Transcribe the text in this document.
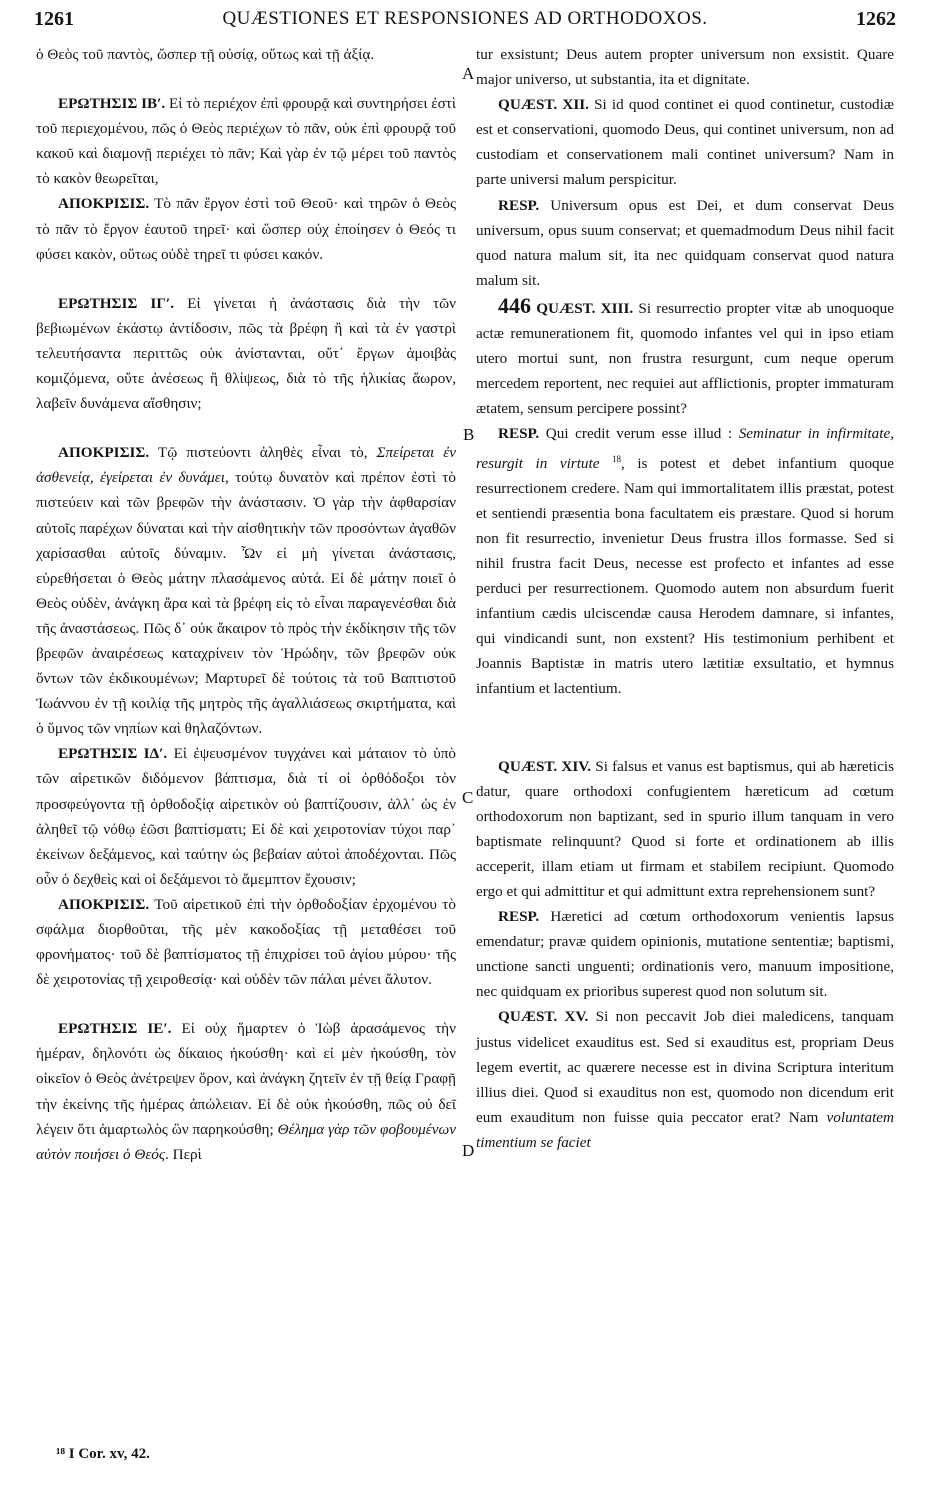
1261	QUÆSTIONES ET RESPONSIONES AD ORTHODOXOS.	1262
A
B
C
D

ὁ Θεὸς τοῦ παντὸς, ὥσπερ τῇ οὐσίᾳ, οὕτως καὶ τῇ ἀξίᾳ.

ΕΡΩΤΗΣΙΣ ΙΒʹ. Εἰ τὸ περιέχον ἐπὶ φρουρᾷ καὶ συντηρήσει ἐστὶ τοῦ περιεχομένου, πῶς ὁ Θεὸς περιέχων τὸ πᾶν, οὐκ ἐπὶ φρουρᾷ τοῦ κακοῦ καὶ διαμονῇ περιέχει τὸ πᾶν; Καὶ γὰρ ἐν τῷ μέρει τοῦ παντὸς τὸ κακὸν θεωρεῖται,

ΑΠΟΚΡΙΣΙΣ. Τὸ πᾶν ἔργον ἐστὶ τοῦ Θεοῦ· καὶ τηρῶν ὁ Θεὸς τὸ πᾶν τὸ ἔργον ἑαυτοῦ τηρεῖ· καὶ ὥσπερ οὐχ ἐποίησεν ὁ Θεός τι φύσει κακὸν, οὕτως οὐδὲ τηρεῖ τι φύσει κακόν.

ΕΡΩΤΗΣΙΣ ΙΓʹ. Εἰ γίνεται ἡ ἀνάστασις διὰ τὴν τῶν βεβιωμένων ἑκάστῳ ἀντίδοσιν, πῶς τὰ βρέφη ἢ καὶ τὰ ἐν γαστρὶ τελευτήσαντα περιττῶς οὐκ ἀνίστανται, οὔτ᾽ ἔργων ἀμοιβὰς κομιζόμενα, οὔτε ἀνέσεως ἢ θλίψεως, διὰ τὸ τῆς ἡλικίας ἄωρον, λαβεῖν δυνάμενα αἴσθησιν;

ΑΠΟΚΡΙΣΙΣ. Τῷ πιστεύοντι ἀληθὲς εἶναι τὸ, Σπείρεται ἐν ἀσθενείᾳ, ἐγείρεται ἐν δυνάμει, τούτῳ δυνατὸν καὶ πρέπον ἐστὶ τὸ πιστεύειν καὶ τῶν βρεφῶν τὴν ἀνάστασιν. Ὁ γὰρ τὴν ἀφθαρσίαν αὐτοῖς παρέχων δύναται καὶ τὴν αἰσθητικὴν τῶν προσόντων ἀγαθῶν χαρίσασθαι αὐτοῖς δύναμιν. Ὧν εἰ μὴ γίνεται ἀνάστασις, εὑρεθήσεται ὁ Θεὸς μάτην πλασάμενος αὐτά. Εἰ δὲ μάτην ποιεῖ ὁ Θεὸς οὐδὲν, ἀνάγκη ἄρα καὶ τὰ βρέφη εἰς τὸ εἶναι παραγενέσθαι διὰ τῆς ἀναστάσεως. Πῶς δ᾽ οὐκ ἄκαιρον τὸ πρὸς τὴν ἐκδίκησιν τῆς τῶν βρεφῶν ἀναιρέσεως καταχρίνειν τὸν Ἡρώδην, τῶν βρεφῶν οὐκ ὄντων τῶν ἐκδικουμένων; Μαρτυρεῖ δὲ τούτοις τὰ τοῦ Βαπτιστοῦ Ἰωάννου ἐν τῇ κοιλίᾳ τῆς μητρὸς τῆς ἀγαλλιάσεως σκιρτήματα, καὶ ὁ ὕμνος τῶν νηπίων καὶ θηλαζόντων.

ΕΡΩΤΗΣΙΣ ΙΔʹ. Εἰ ἐψευσμένον τυγχάνει καὶ μάταιον τὸ ὑπὸ τῶν αἱρετικῶν διδόμενον βάπτισμα, διὰ τί οἱ ὀρθόδοξοι τὸν προσφεύγοντα τῇ ὀρθοδοξίᾳ αἱρετικὸν οὐ βαπτίζουσιν, ἀλλ᾽ ὡς ἐν ἀληθεῖ τῷ νόθῳ ἐῶσι βαπτίσματι; Εἰ δὲ καὶ χειροτονίαν τύχοι παρ᾽ ἐκείνων δεξάμενος, καὶ ταύτην ὡς βεβαίαν αὐτοὶ ἀποδέχονται. Πῶς οὖν ὁ δεχθεὶς καὶ οἱ δεξάμενοι τὸ ἄμεμπτον ἔχουσιν;

ΑΠΟΚΡΙΣΙΣ. Τοῦ αἱρετικοῦ ἐπὶ τὴν ὀρθοδοξίαν ἐρχομένου τὸ σφάλμα διορθοῦται, τῆς μὲν κακοδοξίας τῇ μεταθέσει τοῦ φρονήματος· τοῦ δὲ βαπτίσματος τῇ ἐπιχρίσει τοῦ ἁγίου μύρου· τῆς δὲ χειροτονίας τῇ χειροθεσίᾳ· καὶ οὐδὲν τῶν πάλαι μένει ἄλυτον.

ΕΡΩΤΗΣΙΣ ΙΕʹ. Εἰ οὐχ ἥμαρτεν ὁ Ἰὼβ ἀρασάμενος τὴν ἡμέραν, δηλονότι ὡς δίκαιος ἠκούσθη· καὶ εἰ μὲν ἠκούσθη, τὸν οἰκεῖον ὁ Θεὸς ἀνέτρεψεν ὅρον, καὶ ἀνάγκη ζητεῖν ἐν τῇ θείᾳ Γραφῇ τὴν ἐκείνης τῆς ἡμέρας ἀπώλειαν. Εἰ δὲ οὐκ ἠκούσθη, πῶς οὐ δεῖ λέγειν ὅτι ἁμαρτωλὸς ὢν παρηκούσθη; Θέλημα γὰρ τῶν φοβουμένων αὐτὸν ποιήσει ὁ Θεός. Περὶ

tur exsistunt; Deus autem propter universum non exsistit. Quare major universo, ut substantia, ita et dignitate.

QUÆST. XII. Si id quod continet ei quod continetur, custodiæ est et conservationi, quomodo Deus, qui continet universum, non ad custodiam et conservationem mali continet universum? Nam in parte universi malum perspicitur.

RESP. Universum opus est Dei, et dum conservat Deus universum, opus suum conservat; et quemadmodum Deus nihil facit quod natura malum sit, ita nec quidquam conservat quod natura malum sit.

446 QUÆST. XIII. Si resurrectio propter vitæ ab unoquoque actæ remunerationem fit, quomodo infantes vel qui in ipso etiam utero mortui sunt, non frustra resurgunt, cum neque operum mercedem reportent, nec requiei aut afflictionis, propter immaturam ætatem, sensum percipere possint?

RESP. Qui credit verum esse illud : Seminatur in infirmitate, resurgit in virtute $^{18}$, is potest et debet infantium quoque resurrectionem credere. Nam qui immortalitatem illis præstat, potest et sentiendi præsentia bona facultatem eis præstare. Quod si horum non fit resurrectio, invenietur Deus frustra illos formasse. Sed si nihil frustra facit Deus, necesse est profecto et infantes ad esse perduci per resurrectionem. Quomodo autem non absurdum fuerit infantium cædis ulciscendæ causa Herodem damnare, si infantes, qui vindicandi sunt, non exstent? His testimonium perhibent et Joannis Baptistæ in matris utero lætitiæ exsultatio, et hymnus infantium et lactentium.

QUÆST. XIV. Si falsus et vanus est baptismus, qui ab hæreticis datur, quare orthodoxi confugientem hæreticum ad cœtum orthodoxorum non baptizant, sed in spurio illum tanquam in vero baptismate relinquunt? Quod si forte et ordinationem ab illis acceperit, illam etiam ut firmam et stabilem recipiunt. Quomodo ergo et qui admittitur et qui admittunt extra reprehensionem sunt?

RESP. Hæretici ad cœtum orthodoxorum venientis lapsus emendatur; pravæ quidem opinionis, mutatione sententiæ; baptismi, unctione sancti unguenti; ordinationis vero, manuum impositione, nec quidquam ex prioribus superest quod non solutum sit.

QUÆST. XV. Si non peccavit Job diei maledicens, tanquam justus videlicet exauditus est. Sed si exauditus est, propriam Deus legem evertit, ac quærere necesse est in divina Scriptura interitum illius diei. Quod si exauditus non est, quomodo non dicendum erit eum exauditum non fuisse quia peccator erat? Nam voluntatem timentium se faciet

¹⁸ I Cor. xv, 42.
